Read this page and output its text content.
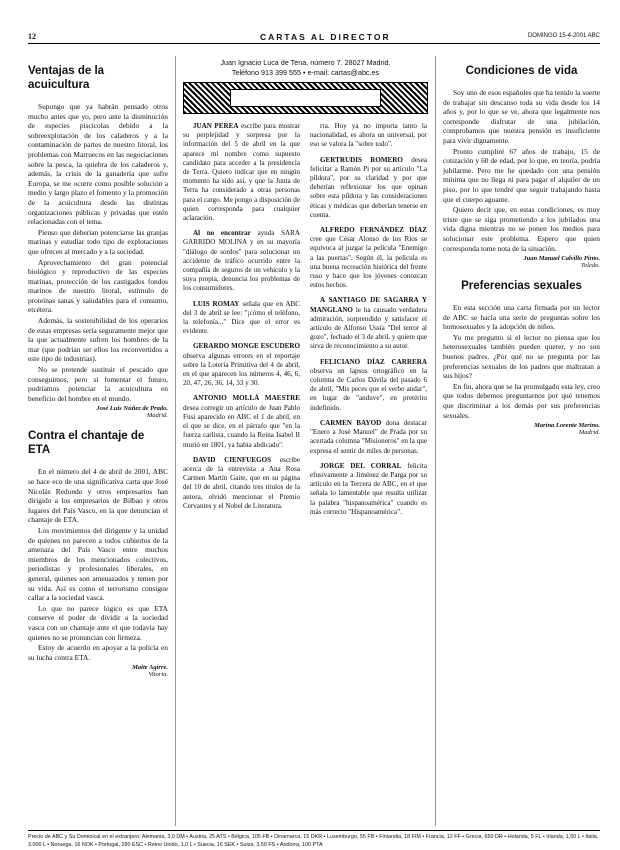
12	CARTAS AL DIRECTOR	DOMINGO 15-4-2001 ABC
Ventajas de la acuicultura

Supongo que ya habrán pensado otros mucho antes que yo, pero ante la disminución de especies piscícolas debido a la sobreexplotación de los caladeros y a la contaminación de partes de nuestro litoral, los problemas con Marruecos en las negociaciones sobre la pesca, la quiebra de los caladeros y, además, la crisis de la ganadería que sufre Europa, se me ocurre como posible solución a medio y largo plazo el fomento y la promoción de la acuicultura desde las distintas organizaciones públicas y privadas que estén relacionadas con el tema.

Pienso que deberían potenciarse las granjas marinas y estudiar todo tipo de explotaciones que ofrecen al mercado y a la sociedad.

Aprovechamiento del gran potencial biológico y reproductivo de las especies marinas, protección de los castigados fondos marinos de nuestro litoral, estímulo de proteínas sanas y saludables para el consumo, etcétera.

Además, la sostenibilidad de los operarios de estas empresas sería seguramente mejor que la que actualmente sufren los hombres de la mar (que podrían ser ellos los reconvertidos a este tipo de industrias).

No se pretende sustituir el pescado que conseguimos, pero sí fomentar el futuro, podríamos potenciar la acuicultura en beneficio del hombre en el mundo.

José Luis Núñez de Prado.
Madrid.
Contra el chantaje de ETA

En el número del 4 de abril de 2001, ABC se hace eco de una significativa carta que José Nicolás Redondo y otros empresarios han dirigido a los empresarios de Bilbao y otros lugares del País Vasco, en la que denuncian el chantaje de ETA.

Los movimientos del dirigente y la unidad de quienes no parecen a todos cubiertos de la amenaza del País Vasco entre muchos miembros de los mencionados colectivos, periodistas y profesionales liberales, en general, quienes son amenazados y temen por su vida. Así es como el terrorismo consigue callar a la sociedad vasca.

Lo que no parece lógico es que ETA conserve el poder de dividir a la sociedad vasca con un chantaje ante el que todavía hay quienes no se pronuncian con firmeza.

Estoy de acuerdo en apoyar a la policía en su lucha contra ETA.

Maite Agirre.
Vitoria.
Juan Ignacio Luca de Tena, número 7. 28027 Madrid.
Teléfono 913 399 555 • e-mail: cartas@abc.es

JUAN PEREA escribe para mostrar su perplejidad y sorpresa por la información del 5 de abril en la que aparece mi nombre como supuesto candidato para acceder a la presidencia de Terra. Quiero indicar que en ningún momento ha sido así, y que la Junta de Terra ha considerado a otras personas para el cargo. Me pongo a disposición de quien corresponda para cualquier aclaración.

Al no encontrar ayuda SARA GARRIDO MOLINA y en su mayoría "diálogo de sordos" para solucionar un accidente de tráfico ocurrido entre la compañía de seguros de un vehículo y la suya propia, denuncia los problemas de los consumidores.

LUIS ROMAY señala que en ABC del 3 de abril se lee: "¡cómo el teléfono, la telefonía..." Dice que el error es evidente.

GERARDO MONGE ESCUDERO observa algunas errores en el reportaje sobre la Lotería Primitiva del 4 de abril, en el que aparecen los números 4, 46, 6, 20, 47, 26, 36, 14, 33 y 30.

ANTONIO MOLLÁ MAESTRE desea corregir un artículo de Juan Pablo Fusi aparecido en ABC el 1 de abril, en el que se dice, en el párrafo que "en la fuerza carlista, cuando la Reina Isabel II murió en 1801, ya había abdicado".

DAVID CIENFUEGOS escribe acerca de la entrevista a Ana Rosa Carmen Martín Gaite, que en su página del 10 de abril, citando tres títulos de la autora, olvidó mencionar el Premio Cervantes y el Nobel de Literatura.

rra. Hoy ya no importa tanto la nacionalidad, es ahora un universal, por eso se valora la "sobre todo".

GERTRUDIS ROMERO desea felicitar a Ramón Pi por su artículo "La píldora", por su claridad y por que deberían reflexionar los que opinan sobre esta píldora y las consideraciones éticas y médicas que deberían tenerse en cuenta.

ALFREDO FERNÁNDEZ DÍAZ cree que César Alonso de los Ríos se equivoca al juzgar la película "Enemigo a las puertas". Según él, la película es una buena recreación histórica del frente ruso y hace que los jóvenes conozcan estos hechos.

A SANTIAGO DE SAGARRA Y MANGLANO le ha causado verdadera admiración, sorprendido y satisfacer el artículo de Alfonso Ussía "Del terror al gozo", fechado el 3 de abril, y quiere que sirva de reconocimiento a su autor.

FELICIANO DÍAZ CARRERA observa un lapsus ortográfico en la columna de Carlos Dávila del pasado 6 de abril, "Mis peces que el verbo andar", en lugar de "anduve", en pretérito indefinido.

CARMEN BAYOD dona destacar "Enero a José Manuel" de Prada por su acertada columna "Misioneros" en la que expresa el sentir de miles de personas.

JORGE DEL CORRAL felicita efusivamente a Jiménez de Parga por su artículo en la Tercera de ABC, en el que señala lo lamentable que resulta utilizar la palabra "hispanoamérica" cuando es más correcto "Hispanoamérica".

Condiciones de vida

Soy uno de esos españoles que ha tenido la suerte de trabajar sin descanso toda su vida desde los 14 años y, por lo que se ve, ahora que legalmente nos corresponde disfrutar de una jubilación, comprobamos que nuestra pensión es insuficiente para vivir dignamente.

Pronto cumpliré 67 años de trabajo, 15 de cotización y 60 de edad, por lo que, en teoría, podría jubilarme. Pero me he quedado con una pensión mínima que no llega ni para pagar el alquiler de un piso, por lo que tendré que seguir trabajando hasta que el cuerpo aguante.

Quiero decir que, en estas condiciones, es muy triste que se siga prometiendo a los jubilados una vida digna mientras no se ponen los medios para solucionar este problema. Espero que quien corresponda tome nota de la situación.

Juan Manuel Calvillo Pinto.
Toledo.
Preferencias sexuales

En esta sección una carta firmada por un lector de ABC se hacía una serie de preguntas sobre los homosexuales y la adopción de niños.

Yo me pregunto si el lector no piensa que los heterosexuales también pueden querer, y no son buenos padres. ¿Por qué no se pregunta por las preferencias sexuales de los padres que maltratan a sus hijos?

En fin, ahora que se ha promulgado esta ley, creo que todos debemos preguntarnos por qué tenemos que discriminar a los demás por sus preferencias sexuales.

Marina Lorente Merino.
Madrid.
Precio de ABC y Su Dominical en el extranjero: Alemania, 3,0 DM • Austria, 25 ATS • Bélgica, 105 FB • Dinamarca, 15 DKR • Luxemburgo, 55 FB • Finlandia, 18 FIM • Francia, 12 FF • Grecia, 650 DR • Holanda, 5 FL • Irlanda, 1,50 L • Italia, 3.000 L • Noruega, 16 NOK • Portugal, 280 ESC • Reino Unido, 1,0 L • Suecia, 16 SEK • Suiza, 3,50 FS • Andorra, 100 PTA
